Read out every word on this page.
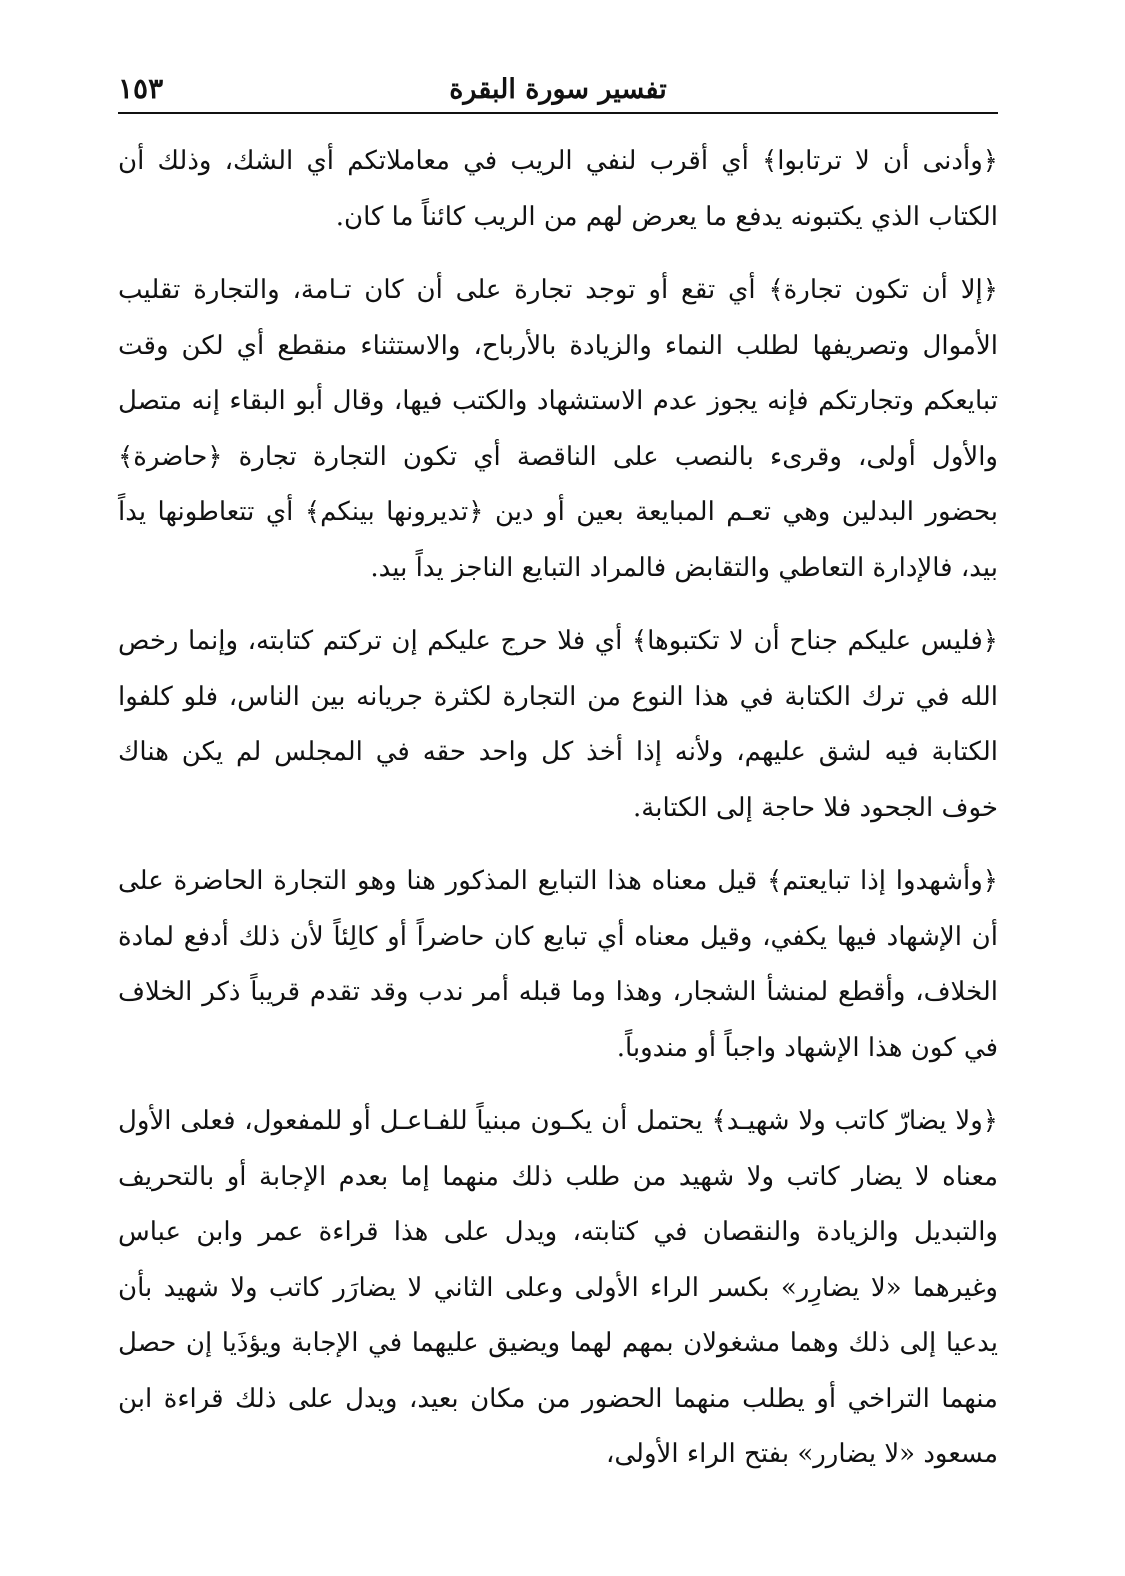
تفسير سورة البقرة
١٥٣

﴿وأدنى أن لا ترتابوا﴾ أي أقرب لنفي الريب في معاملاتكم أي الشك، وذلك أن الكتاب الذي يكتبونه يدفع ما يعرض لهم من الريب كائناً ما كان.

﴿إلا أن تكون تجارة﴾ أي تقع أو توجد تجارة على أن كان تـامة، والتجارة تقليب الأموال وتصريفها لطلب النماء والزيادة بالأرباح، والاستثناء منقطع أي لكن وقت تبايعكم وتجارتكم فإنه يجوز عدم الاستشهاد والكتب فيها، وقال أبو البقاء إنه متصل والأول أولى، وقرىء بالنصب على الناقصة أي تكون التجارة تجارة ﴿حاضرة﴾ بحضور البدلين وهي تعـم المبايعة بعين أو دين ﴿تديرونها بينكم﴾ أي تتعاطونها يداً بيد، فالإدارة التعاطي والتقابض فالمراد التبايع الناجز يداً بيد.

﴿فليس عليكم جناح أن لا تكتبوها﴾ أي فلا حرج عليكم إن تركتم كتابته، وإنما رخص الله في ترك الكتابة في هذا النوع من التجارة لكثرة جريانه بين الناس، فلو كلفوا الكتابة فيه لشق عليهم، ولأنه إذا أخذ كل واحد حقه في المجلس لم يكن هناك خوف الجحود فلا حاجة إلى الكتابة.

﴿وأشهدوا إذا تبايعتم﴾ قيل معناه هذا التبايع المذكور هنا وهو التجارة الحاضرة على أن الإشهاد فيها يكفي، وقيل معناه أي تبايع كان حاضراً أو كالِئاً لأن ذلك أدفع لمادة الخلاف، وأقطع لمنشأ الشجار، وهذا وما قبله أمر ندب وقد تقدم قريباً ذكر الخلاف في كون هذا الإشهاد واجباً أو مندوباً.

﴿ولا يضارّ كاتب ولا شهيـد﴾ يحتمل أن يكـون مبنياً للفـاعـل أو للمفعول، فعلى الأول معناه لا يضار كاتب ولا شهيد من طلب ذلك منهما إما بعدم الإجابة أو بالتحريف والتبديل والزيادة والنقصان في كتابته، ويدل على هذا قراءة عمر وابن عباس وغيرهما «لا يضارِر» بكسر الراء الأولى وعلى الثاني لا يضارَر كاتب ولا شهيد بأن يدعيا إلى ذلك وهما مشغولان بمهم لهما ويضيق عليهما في الإجابة ويؤذَيا إن حصل منهما التراخي أو يطلب منهما الحضور من مكان بعيد، ويدل على ذلك قراءة ابن مسعود «لا يضارر» بفتح الراء الأولى،
